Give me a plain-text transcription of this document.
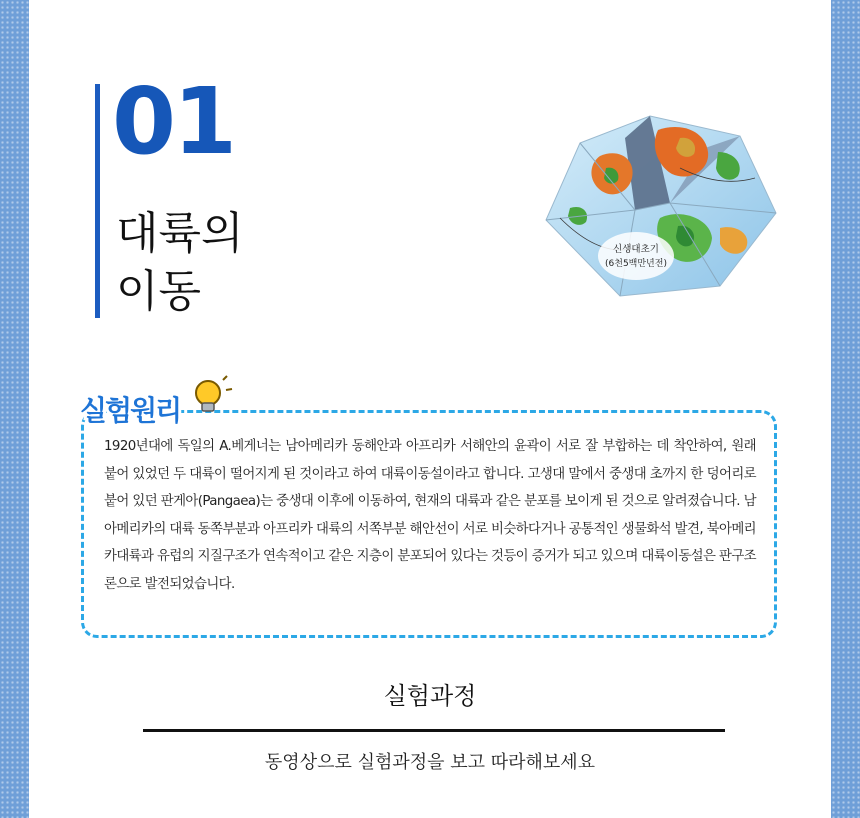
01
대륙의
이동
신생대초기
(6천5백만년전)
실험원리

1920년대에 독일의 A.베게너는 남아메리카 동해안과 아프리카 서해안의 윤곽이 서로 잘 부합하는 데 착안하여, 원래 붙어 있었던 두 대륙이 떨어지게 된 것이라고 하여 대륙이동설이라고 합니다. 고생대 말에서 중생대 초까지 한 덩어리로 붙어 있던 판게아(Pangaea)는 중생대 이후에 이동하여, 현재의 대륙과 같은 분포를 보이게 된 것으로 알려졌습니다. 남아메리카의 대륙 동쪽부분과 아프리카 대륙의 서쪽부분 해안선이 서로 비슷하다거나 공통적인 생물화석 발견, 북아메리카대륙과 유럽의 지질구조가 연속적이고 같은 지층이 분포되어 있다는 것등이 증거가 되고 있으며 대륙이동설은 판구조론으로 발전되었습니다.

실험과정
동영상으로 실험과정을 보고 따라해보세요
